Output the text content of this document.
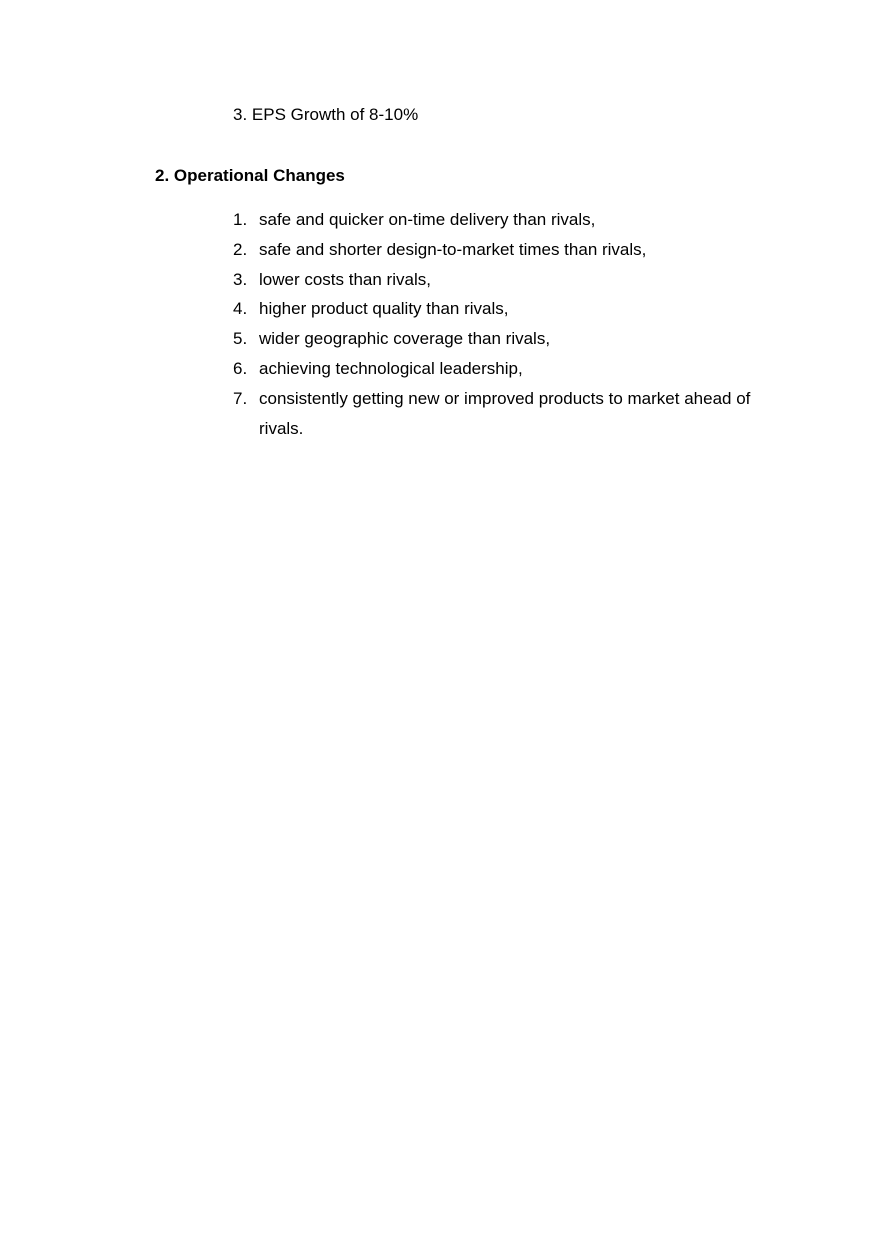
3. EPS Growth of 8-10%
2. Operational Changes
1. safe and quicker on-time delivery than rivals,
2. safe and shorter design-to-market times than rivals,
3. lower costs than rivals,
4. higher product quality than rivals,
5. wider geographic coverage than rivals,
6. achieving technological leadership,
7. consistently getting new or improved products to market ahead of rivals.
